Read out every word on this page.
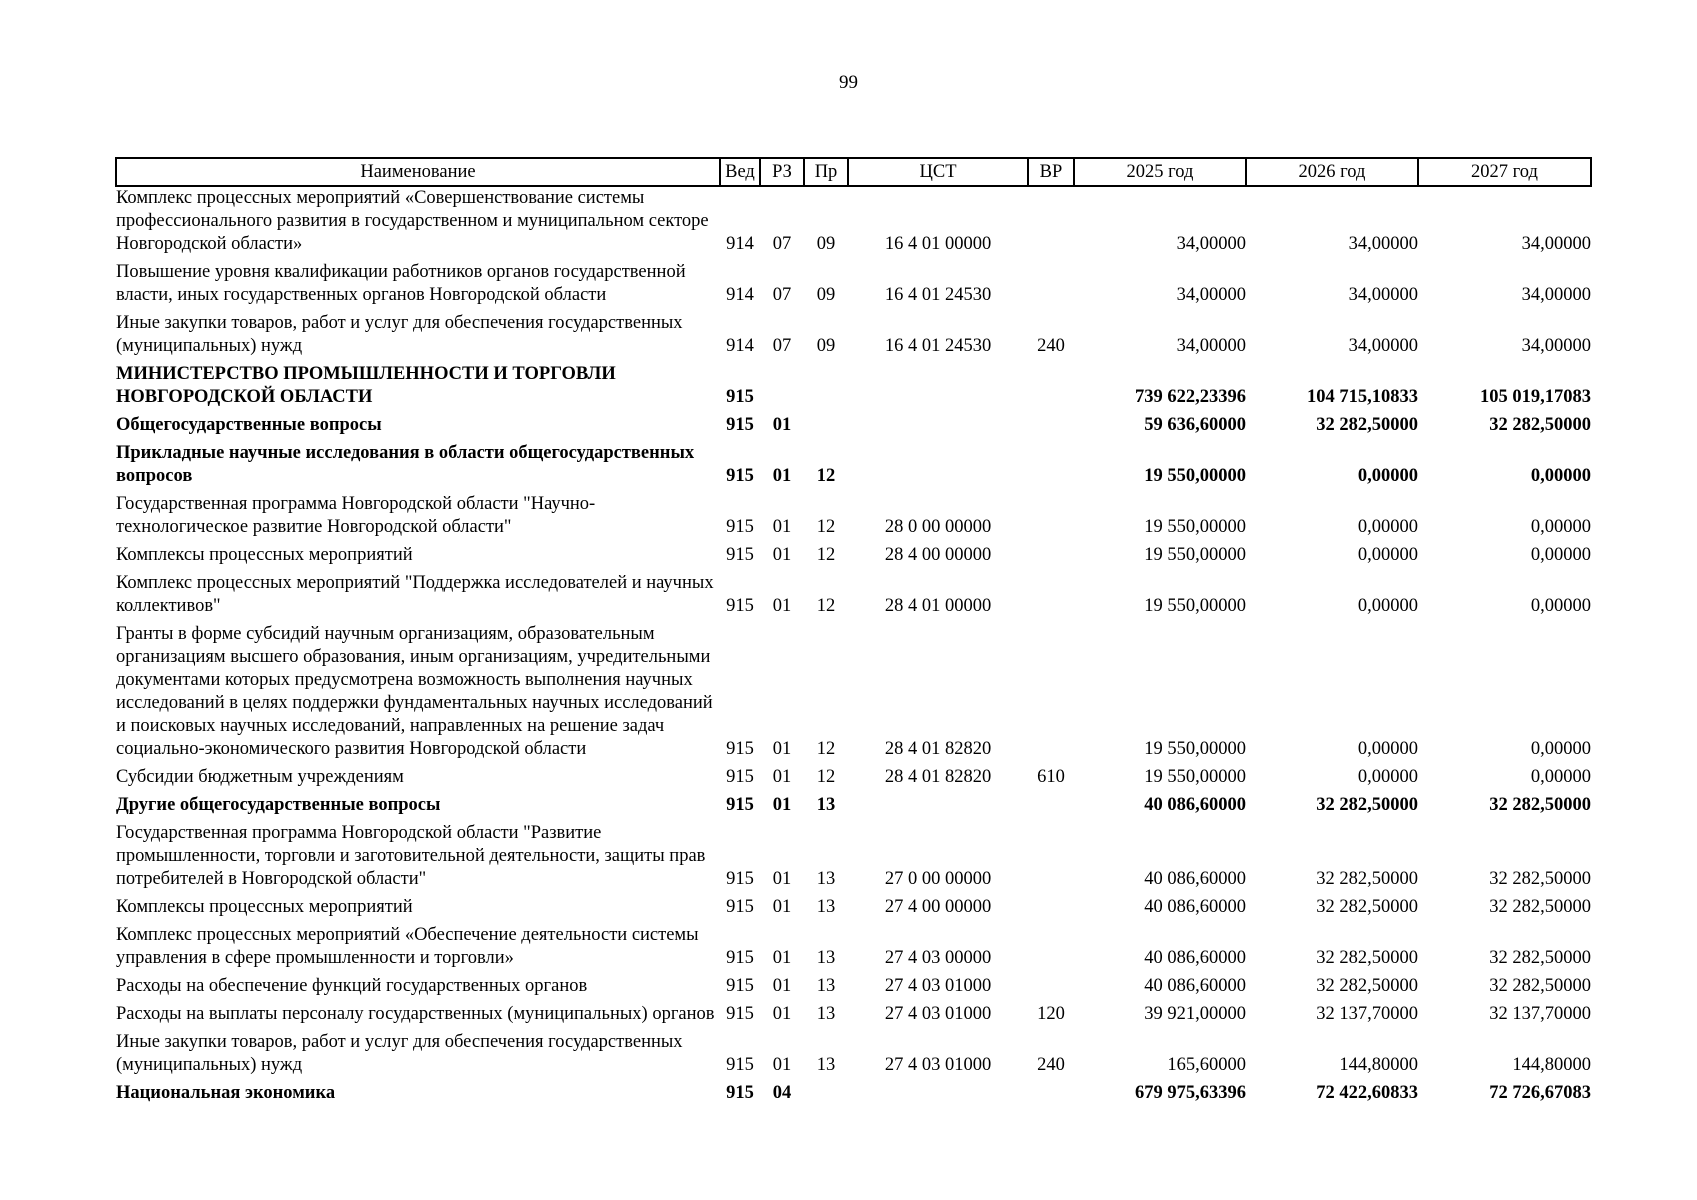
99
Наименование	Вед	РЗ	Пр	ЦСТ	ВР	2025 год	2026 год	2027 год
Комплекс процессных мероприятий «Совершенствование системы профессионального развития в государственном и муниципальном секторе Новгородской области»	914	07	09	16 4 01 00000		34,00000	34,00000	34,00000
Повышение уровня квалификации работников органов государственной власти, иных государственных органов Новгородской области	914	07	09	16 4 01 24530		34,00000	34,00000	34,00000
Иные закупки товаров, работ и услуг для обеспечения государственных (муниципальных) нужд	914	07	09	16 4 01 24530	240	34,00000	34,00000	34,00000
МИНИСТЕРСТВО ПРОМЫШЛЕННОСТИ И ТОРГОВЛИ НОВГОРОДСКОЙ ОБЛАСТИ	915					739 622,23396	104 715,10833	105 019,17083
Общегосударственные вопросы	915	01				59 636,60000	32 282,50000	32 282,50000
Прикладные научные исследования в области общегосударственных вопросов	915	01	12			19 550,00000	0,00000	0,00000
Государственная программа Новгородской области "Научно-технологическое развитие Новгородской области"	915	01	12	28 0 00 00000		19 550,00000	0,00000	0,00000
Комплексы процессных мероприятий	915	01	12	28 4 00 00000		19 550,00000	0,00000	0,00000
Комплекс процессных мероприятий "Поддержка исследователей и научных коллективов"	915	01	12	28 4 01 00000		19 550,00000	0,00000	0,00000
Гранты в форме субсидий научным организациям, образовательным организациям высшего образования, иным организациям, учредительными документами которых предусмотрена возможность выполнения научных исследований в целях поддержки фундаментальных научных исследований и поисковых научных исследований, направленных на решение задач социально-экономического развития Новгородской области	915	01	12	28 4 01 82820		19 550,00000	0,00000	0,00000
Субсидии бюджетным учреждениям	915	01	12	28 4 01 82820	610	19 550,00000	0,00000	0,00000
Другие общегосударственные вопросы	915	01	13			40 086,60000	32 282,50000	32 282,50000
Государственная программа Новгородской области "Развитие промышленности, торговли и заготовительной деятельности, защиты прав потребителей в Новгородской области"	915	01	13	27 0 00 00000		40 086,60000	32 282,50000	32 282,50000
Комплексы процессных мероприятий	915	01	13	27 4 00 00000		40 086,60000	32 282,50000	32 282,50000
Комплекс процессных мероприятий «Обеспечение деятельности системы управления в сфере промышленности и торговли»	915	01	13	27 4 03 00000		40 086,60000	32 282,50000	32 282,50000
Расходы на обеспечение функций государственных органов	915	01	13	27 4 03 01000		40 086,60000	32 282,50000	32 282,50000
Расходы на выплаты персоналу государственных (муниципальных) органов	915	01	13	27 4 03 01000	120	39 921,00000	32 137,70000	32 137,70000
Иные закупки товаров, работ и услуг для обеспечения государственных (муниципальных) нужд	915	01	13	27 4 03 01000	240	165,60000	144,80000	144,80000
Национальная экономика	915	04				679 975,63396	72 422,60833	72 726,67083
